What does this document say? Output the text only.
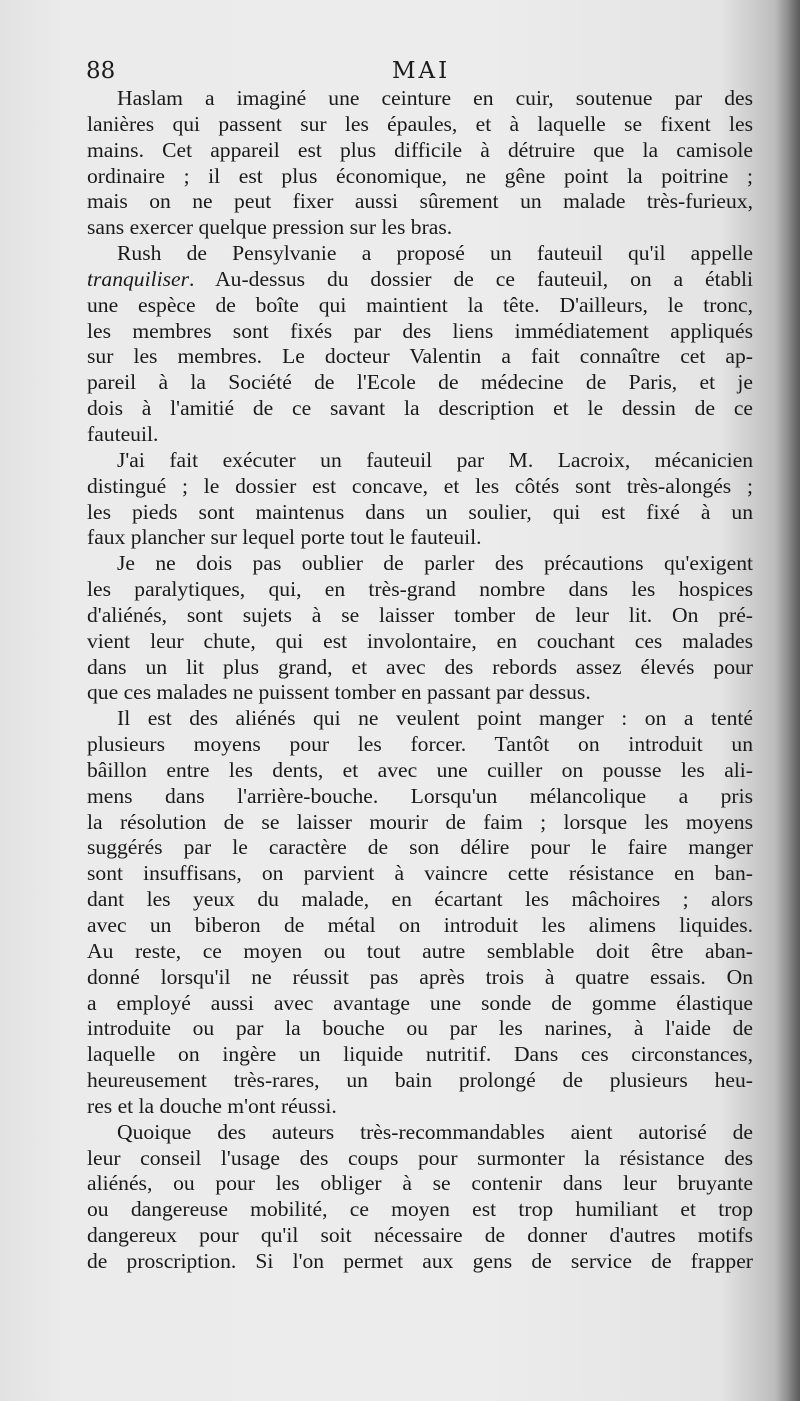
88	MAI
Haslam a imaginé une ceinture en cuir, soutenue par des
lanières qui passent sur les épaules, et à laquelle se fixent les
mains. Cet appareil est plus difficile à détruire que la camisole
ordinaire ; il est plus économique, ne gêne point la poitrine ;
mais on ne peut fixer aussi sûrement un malade très-furieux,
sans exercer quelque pression sur les bras.
Rush de Pensylvanie a proposé un fauteuil qu'il appelle
tranquiliser. Au-dessus du dossier de ce fauteuil, on a établi
une espèce de boîte qui maintient la tête. D'ailleurs, le tronc,
les membres sont fixés par des liens immédiatement appliqués
sur les membres. Le docteur Valentin a fait connaître cet ap-
pareil à la Société de l'Ecole de médecine de Paris, et je
dois à l'amitié de ce savant la description et le dessin de ce
fauteuil.
J'ai fait exécuter un fauteuil par M. Lacroix, mécanicien
distingué ; le dossier est concave, et les côtés sont très-alongés ;
les pieds sont maintenus dans un soulier, qui est fixé à un
faux plancher sur lequel porte tout le fauteuil.
Je ne dois pas oublier de parler des précautions qu'exigent
les paralytiques, qui, en très-grand nombre dans les hospices
d'aliénés, sont sujets à se laisser tomber de leur lit. On pré-
vient leur chute, qui est involontaire, en couchant ces malades
dans un lit plus grand, et avec des rebords assez élevés pour
que ces malades ne puissent tomber en passant par dessus.
Il est des aliénés qui ne veulent point manger : on a tenté
plusieurs moyens pour les forcer. Tantôt on introduit un
bâillon entre les dents, et avec une cuiller on pousse les ali-
mens dans l'arrière-bouche. Lorsqu'un mélancolique a pris
la résolution de se laisser mourir de faim ; lorsque les moyens
suggérés par le caractère de son délire pour le faire manger
sont insuffisans, on parvient à vaincre cette résistance en ban-
dant les yeux du malade, en écartant les mâchoires ; alors
avec un biberon de métal on introduit les alimens liquides.
Au reste, ce moyen ou tout autre semblable doit être aban-
donné lorsqu'il ne réussit pas après trois à quatre essais. On
a employé aussi avec avantage une sonde de gomme élastique
introduite ou par la bouche ou par les narines, à l'aide de
laquelle on ingère un liquide nutritif. Dans ces circonstances,
heureusement très-rares, un bain prolongé de plusieurs heu-
res et la douche m'ont réussi.
Quoique des auteurs très-recommandables aient autorisé de
leur conseil l'usage des coups pour surmonter la résistance des
aliénés, ou pour les obliger à se contenir dans leur bruyante
ou dangereuse mobilité, ce moyen est trop humiliant et trop
dangereux pour qu'il soit nécessaire de donner d'autres motifs
de proscription. Si l'on permet aux gens de service de frapper
